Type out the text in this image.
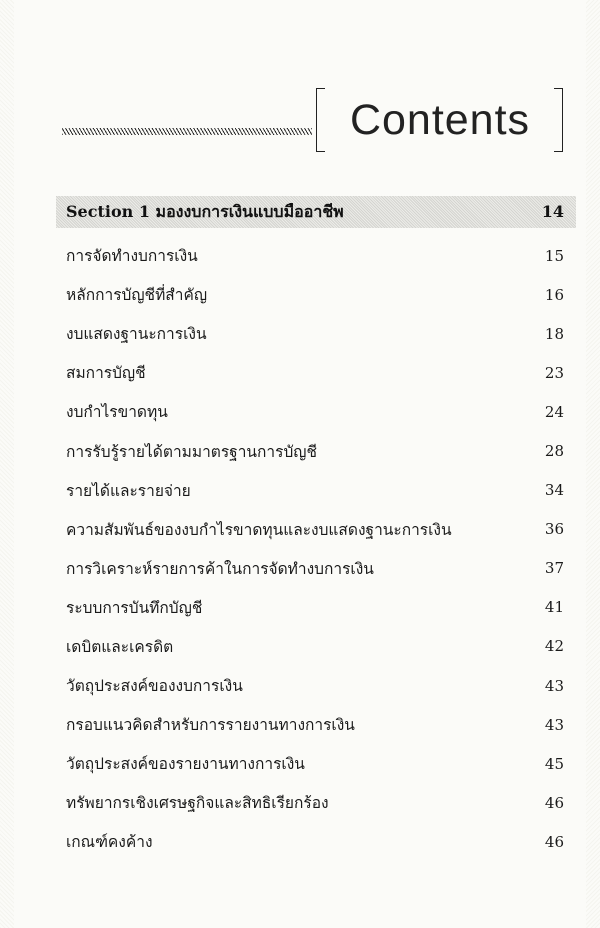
Contents
Section 1 มองงบการเงินแบบมืออาชีพ	14
การจัดทำงบการเงิน	15
หลักการบัญชีที่สำคัญ	16
งบแสดงฐานะการเงิน	18
สมการบัญชี	23
งบกำไรขาดทุน	24
การรับรู้รายได้ตามมาตรฐานการบัญชี	28
รายได้และรายจ่าย	34
ความสัมพันธ์ของงบกำไรขาดทุนและงบแสดงฐานะการเงิน	36
การวิเคราะห์รายการค้าในการจัดทำงบการเงิน	37
ระบบการบันทึกบัญชี	41
เดบิตและเครดิต	42
วัตถุประสงค์ของงบการเงิน	43
กรอบแนวคิดสำหรับการรายงานทางการเงิน	43
วัตถุประสงค์ของรายงานทางการเงิน	45
ทรัพยากรเชิงเศรษฐกิจและสิทธิเรียกร้อง	46
เกณฑ์คงค้าง	46
